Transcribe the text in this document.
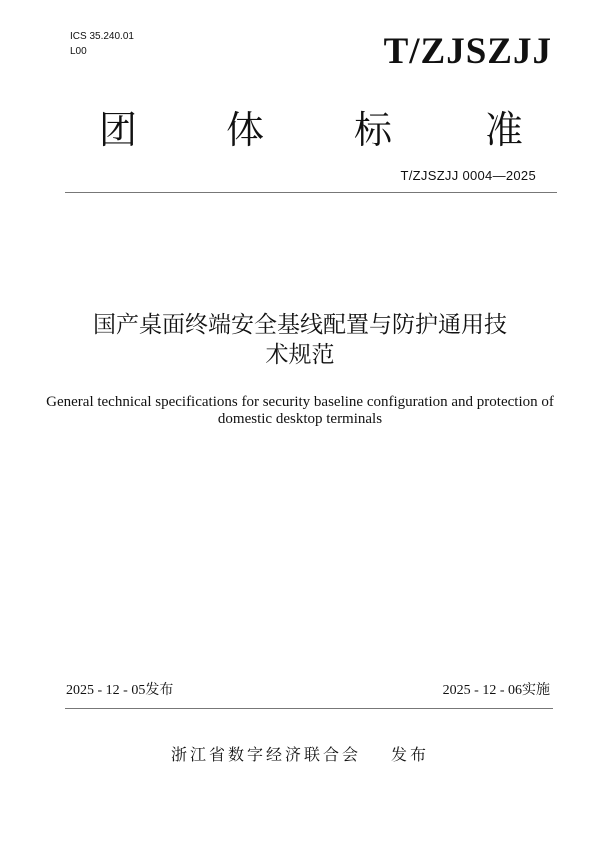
ICS 35.240.01
L00	T/ZJSZJJ
团 体 标 准
T/ZJSZJJ 0004—2025
国产桌面终端安全基线配置与防护通用技
术规范
General technical specifications for security baseline configuration and protection of
domestic desktop terminals
2025 - 12 - 05发布	2025 - 12 - 06实施
浙江省数字经济联合会 发布
